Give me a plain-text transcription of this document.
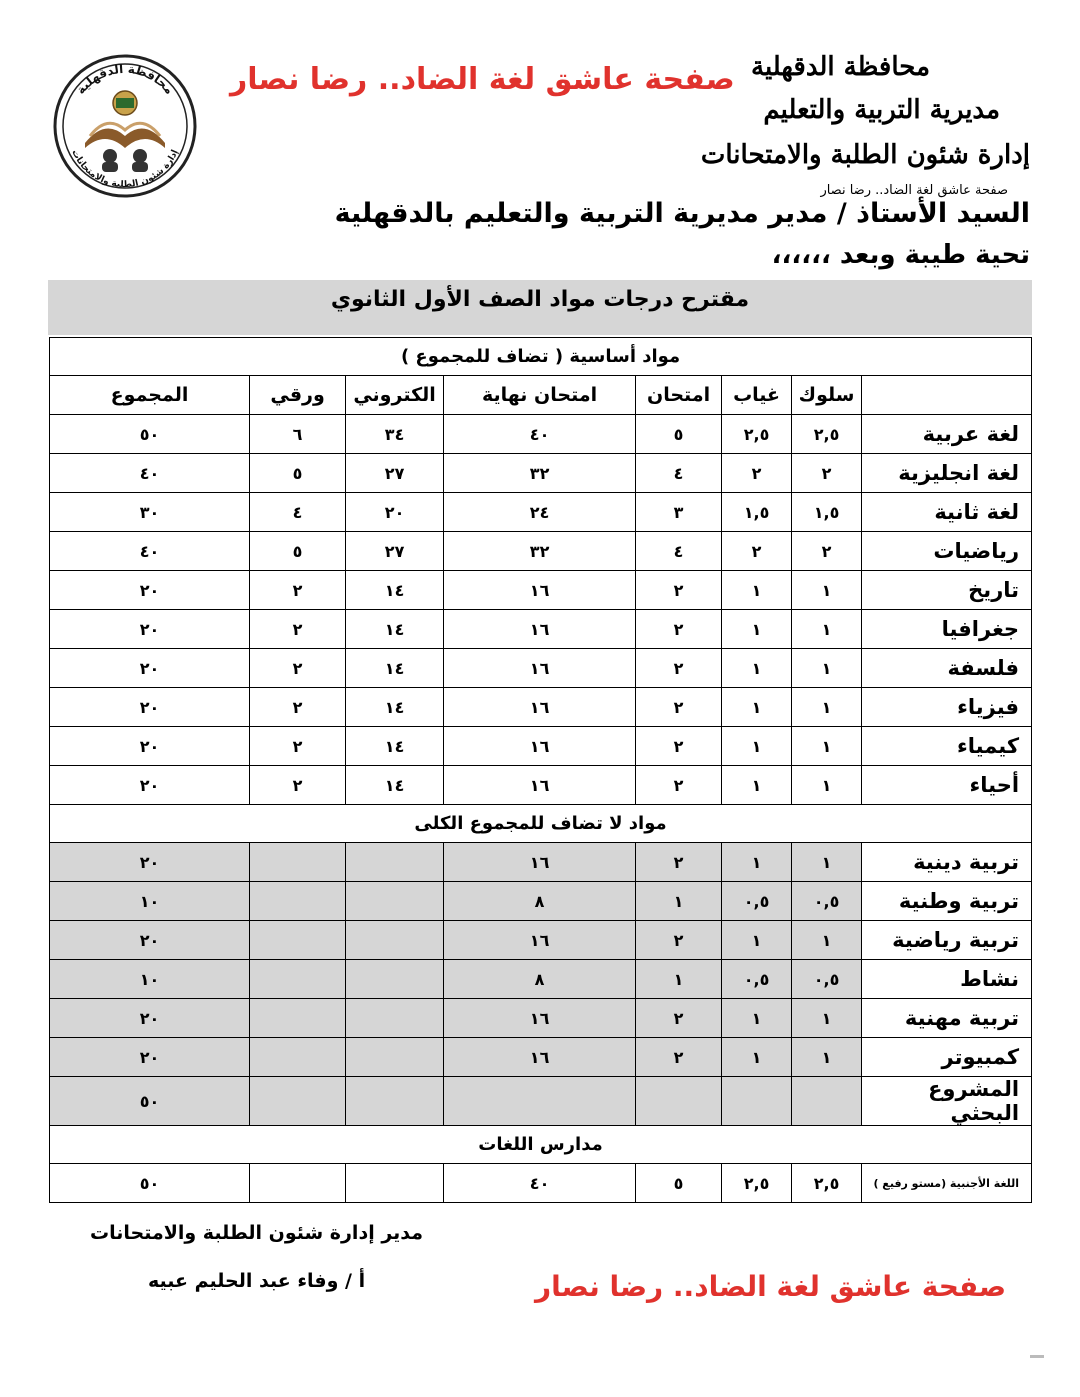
صفحة عاشق لغة الضاد.. رضا نصار
محافظة الدقهلية
إدارة شئون الطلبة والامتحانات
محافظة الدقهلية
مديرية التربية والتعليم
إدارة شئون الطلبة والامتحانات
صفحة عاشق لغة الضاد.. رضا نصار
السيد الأستاذ / مدير مديرية التربية والتعليم بالدقهلية
تحية طيبة وبعد ،،،،،،
مقترح درجات مواد الصف الأول الثانوي
مواد أساسية ( تضاف للمجموع )							
	سلوك	غياب	امتحان	امتحان نهاية	الكتروني	ورقي	المجموع
لغة عربية	٢,٥	٢,٥	٥	٤٠	٣٤	٦	٥٠
لغة انجليزية	٢	٢	٤	٣٢	٢٧	٥	٤٠
لغة ثانية	١,٥	١,٥	٣	٢٤	٢٠	٤	٣٠
رياضيات	٢	٢	٤	٣٢	٢٧	٥	٤٠
تاريخ	١	١	٢	١٦	١٤	٢	٢٠
جغرافيا	١	١	٢	١٦	١٤	٢	٢٠
فلسفة	١	١	٢	١٦	١٤	٢	٢٠
فيزياء	١	١	٢	١٦	١٤	٢	٢٠
كيمياء	١	١	٢	١٦	١٤	٢	٢٠
أحياء	١	١	٢	١٦	١٤	٢	٢٠
مواد لا تضاف للمجموع الكلى							
تربية دينية	١	١	٢	١٦			٢٠
تربية وطنية	٠,٥	٠,٥	١	٨			١٠
تربية رياضية	١	١	٢	١٦			٢٠
نشاط	٠,٥	٠,٥	١	٨			١٠
تربية مهنية	١	١	٢	١٦			٢٠
كمبيوتر	١	١	٢	١٦			٢٠
المشروع البحثي							٥٠
مدارس اللغات							
اللغة الأجنبية (مستو رفيع )	٢,٥	٢,٥	٥	٤٠			٥٠
مدير إدارة شئون الطلبة والامتحانات
أ / وفاء عبد الحليم عبيه	صفحة عاشق لغة الضاد.. رضا نصار
